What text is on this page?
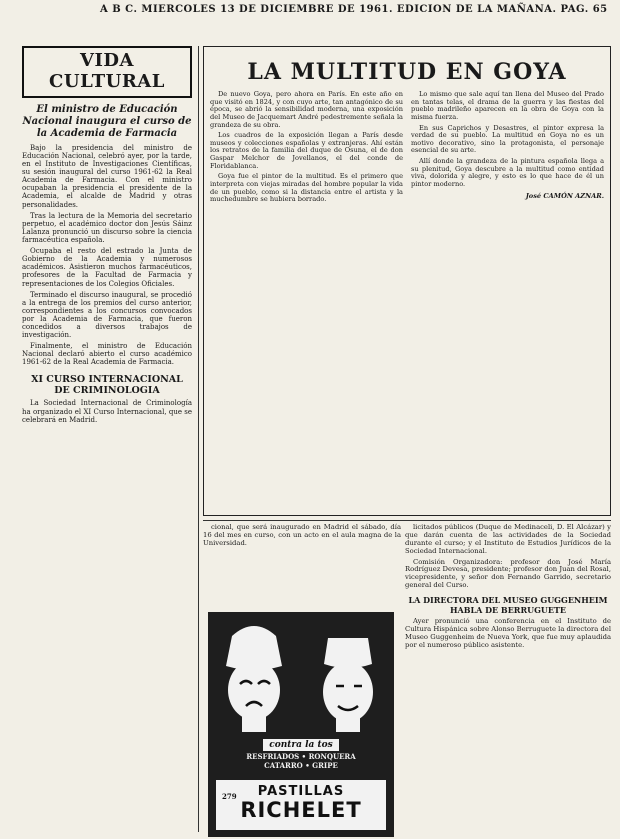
A B C. MIERCOLES 13 DE DICIEMBRE DE 1961. EDICION DE LA MAÑANA. PAG. 65
VIDA CULTURAL
El ministro de Educación Nacional inaugura el curso de la Academia de Farmacia

Bajo la presidencia del ministro de Educación Nacional, celebró ayer, por la tarde, en el Instituto de Investigaciones Científicas, su sesión inaugural del curso 1961-62 la Real Academia de Farmacia. Con el ministro ocupaban la presidencia el presidente de la Academia, el alcalde de Madrid y otras personalidades.

Tras la lectura de la Memoria del secretario perpetuo, el académico doctor don Jesús Sáinz Lalanza pronunció un discurso sobre la ciencia farmacéutica española.

Ocupaba el resto del estrado la Junta de Gobierno de la Academia y numerosos académicos. Asistieron muchos farmacéuticos, profesores de la Facultad de Farmacia y representaciones de los Colegios Oficiales.

Terminado el discurso inaugural, se procedió a la entrega de los premios del curso anterior, correspondientes a los concursos convocados por la Academia de Farmacia, que fueron concedidos a diversos trabajos de investigación.

Finalmente, el ministro de Educación Nacional declaró abierto el curso académico 1961-62 de la Real Academia de Farmacia.

XI CURSO INTERNACIONAL DE CRIMINOLOGIA

La Sociedad Internacional de Criminología ha organizado el XI Curso Internacional, que se celebrará en Madrid.

LA MULTITUD EN GOYA

De nuevo Goya, pero ahora en París. En este año en que visitó en 1824, y con cuyo arte, tan antagónico de su época, se abrió la sensibilidad moderna, una exposición del Museo de Jacquemart André pedestremente señala la grandeza de su obra.

Los cuadros de la exposición llegan a París desde museos y colecciones españolas y extranjeras. Ahí están los retratos de la familia del duque de Osuna, el de don Gaspar Melchor de Jovellanos, el del conde de Floridablanca.

Goya fue el pintor de la multitud. Es el primero que interpreta con viejas miradas del hombre popular la vida de un pueblo, como si la distancia entre el artista y la muchedumbre se hubiera borrado.

Lo mismo que sale aquí tan llena del Museo del Prado en tantas telas, el drama de la guerra y las fiestas del pueblo madrileño aparecen en la obra de Goya con la misma fuerza.

En sus Caprichos y Desastres, el pintor expresa la verdad de su pueblo. La multitud en Goya no es un motivo decorativo, sino la protagonista, el personaje esencial de su arte.

Allí donde la grandeza de la pintura española llega a su plenitud, Goya descubre a la multitud como entidad viva, dolorida y alegre, y esto es lo que hace de él un pintor moderno.

José CAMÓN AZNAR.

cional, que será inaugurado en Madrid el sábado, día 16 del mes en curso, con un acto en el aula magna de la Universidad.

contra la tos
RESFRIADOS • RONQUERA
CATARRO • GRIPE
279	PASTILLAS
RICHELET

licitados públicos (Duque de Medinaceli, D. El Alcázar) y que darán cuenta de las actividades de la Sociedad durante el curso; y el Instituto de Estudios Jurídicos de la Sociedad Internacional.

Comisión Organizadora: profesor don José María Rodríguez Devesa, presidente; profesor don Juan del Rosal, vicepresidente, y señor don Fernando Garrido, secretario general del Curso.

LA DIRECTORA DEL MUSEO GUGGENHEIM HABLA DE BERRUGUETE

Ayer pronunció una conferencia en el Instituto de Cultura Hispánica sobre Alonso Berruguete la directora del Museo Guggenheim de Nueva York, que fue muy aplaudida por el numeroso público asistente.
